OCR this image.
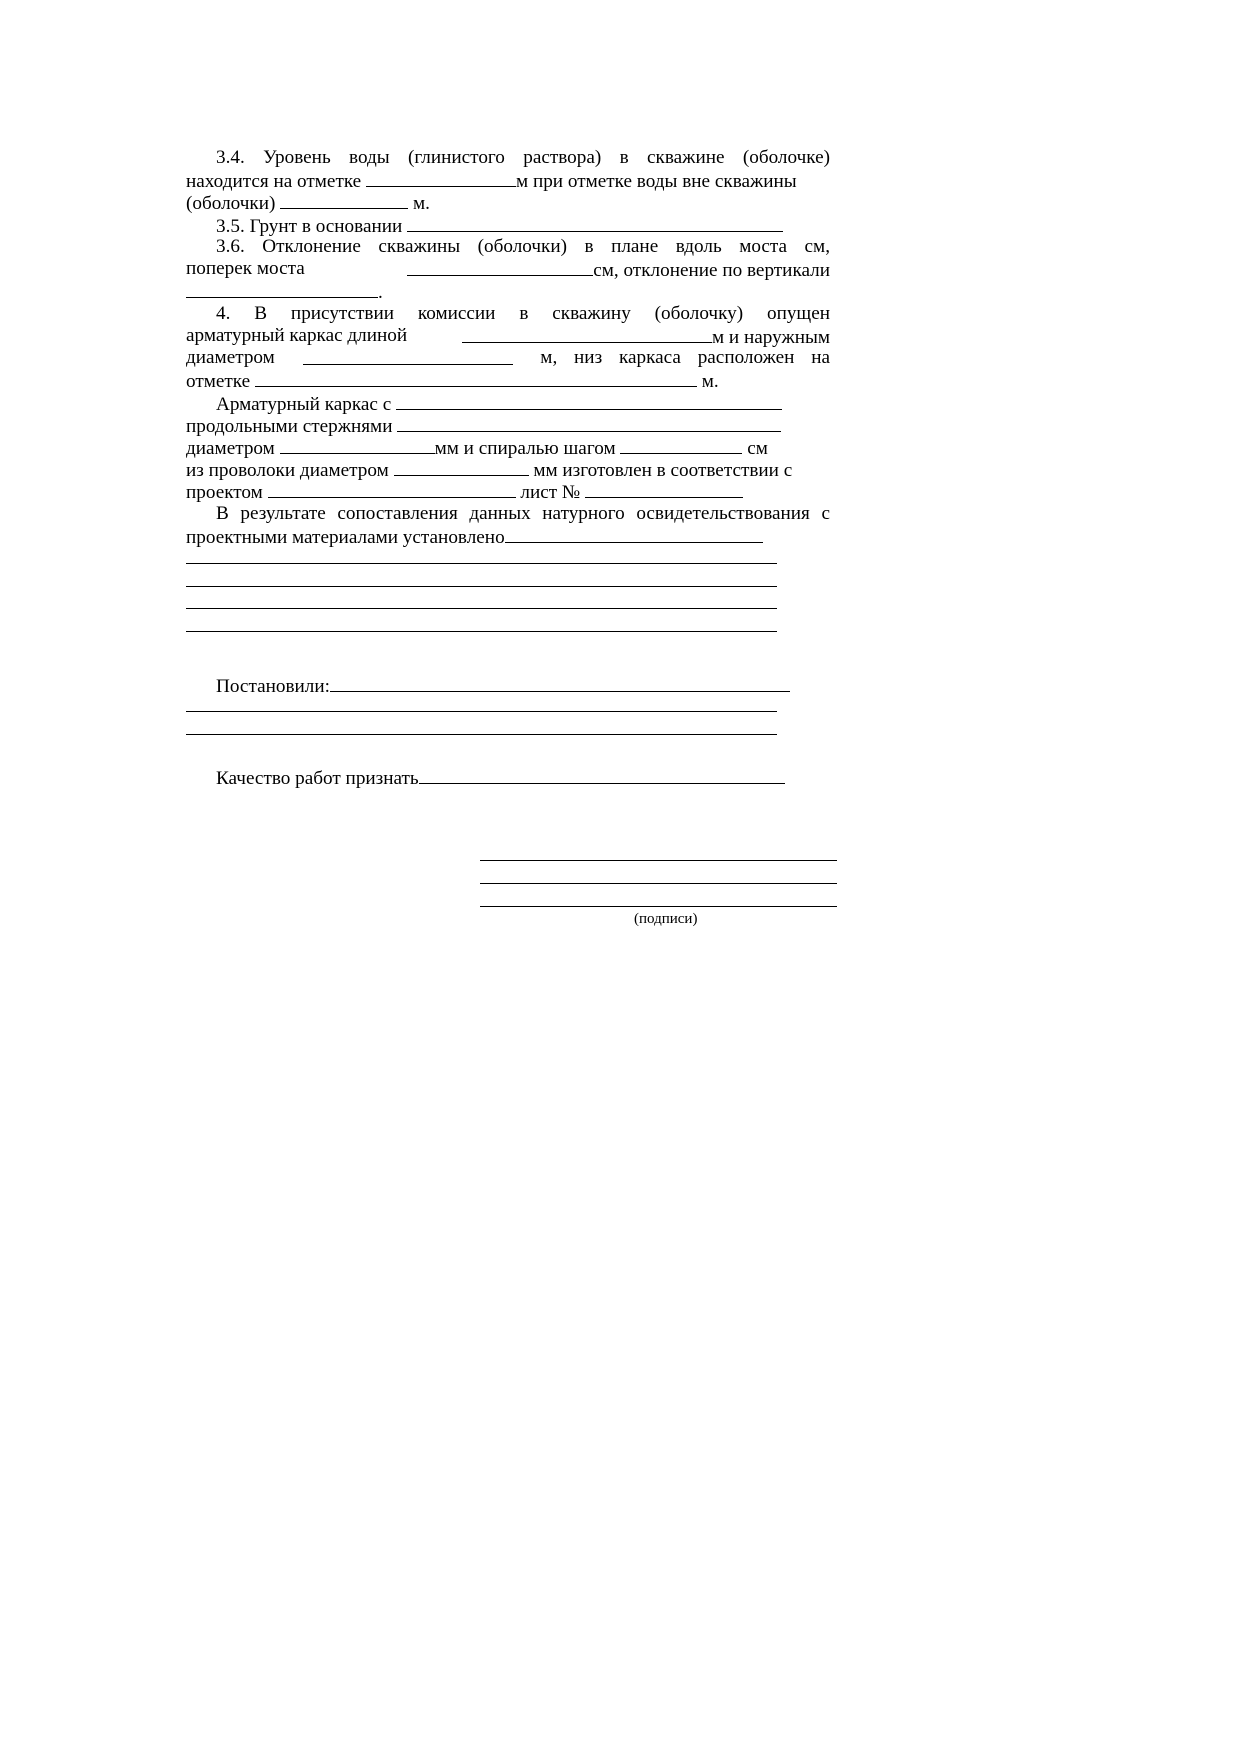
3.4. Уровень воды (глинистого раствора) в скважине (оболочке)
находится на отметке	м при отметке воды вне скважины
(оболочки)	м.
3.5. Грунт в основании
3.6. Отклонение скважины (оболочки) в плане вдоль моста см,
поперек моста	см, отклонение по вертикали
.
4. В присутствии комиссии в скважину (оболочку) опущен
арматурный каркас длиной	м и наружным
диаметром	м, низ каркаса расположен на
отметке	м.
Арматурный каркас с
продольными стержнями
диаметром	мм и спиралью шагом	см
из проволоки диаметром	мм изготовлен в соответствии с
проектом	лист №
В результате сопоставления данных натурного освидетельствования с
проектными материалами установлено
Постановили:
Качество работ признать
(подписи)
